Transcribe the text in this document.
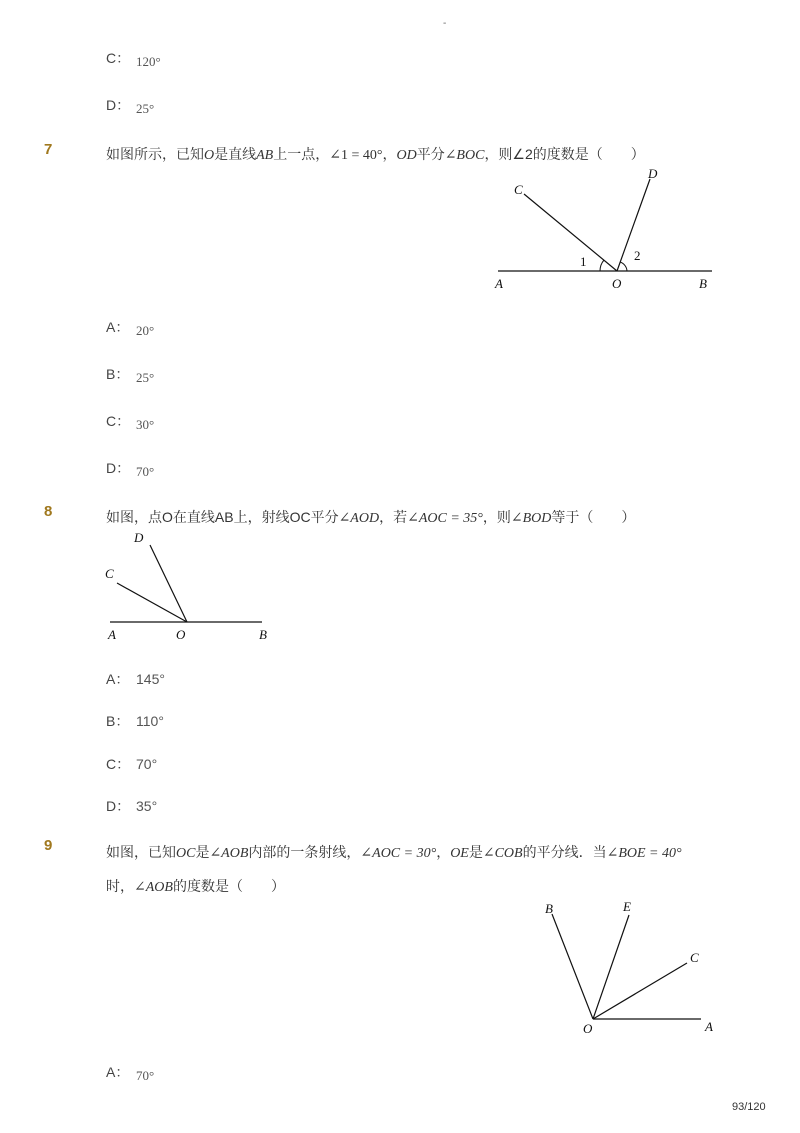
-
C： 120°
D： 25°
7	如图所示，已知O是直线AB上一点，∠1 = 40°，OD平分∠BOC，则∠2的度数是（　　）
A	O	B
C
D
1	2
A： 20°
B： 25°
C： 30°
D： 70°
8	如图，点O在直线AB上，射线OC平分∠AOD，若∠AOC = 35°，则∠BOD等于（　　）
A	O	B
C
D
A： 145°
B： 110°
C： 70°
D： 35°
9	如图，已知OC是∠AOB内部的一条射线，∠AOC = 30°，OE是∠COB的平分线．当∠BOE = 40°
时，∠AOB的度数是（　　）
O	A
B	E
C
A： 70°
93/120
